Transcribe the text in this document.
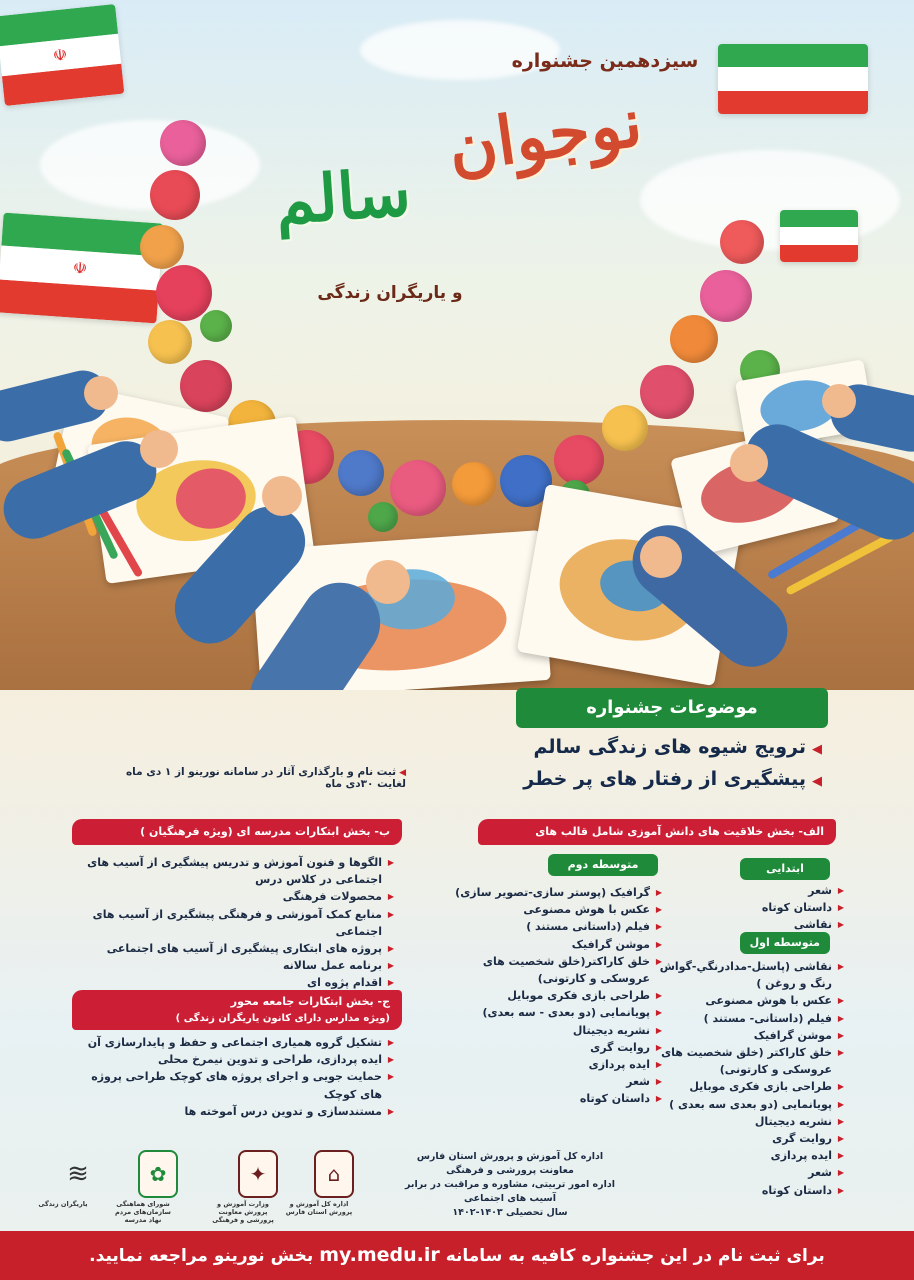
☫
☫
سیزدهمین جشنواره
نوجوان
سالم
و یاریگران زندگی
موضوعات جشنواره
◀ترویج شیوه های زندگی سالم
◀پیشگیری از رفتار های پر خطر
◀ثبت نام و بارگذاری آثار در سامانه نورینو از ۱ دی ماه لغایت ۳۰دی ماه
الف- بخش خلاقیت های دانش آموزی شامل قالب های
ابتدایی
▶ شعر
▶ داستان کوتاه
▶ نقاشی
متوسطه اول
▶ نقاشی (پاستل-مدادرنگي-گواش رنگ و روغن )
▶ عکس با هوش مصنوعی
▶ فیلم (داستانی- مستند )
▶ موشن گرافیک
▶ خلق کاراکتر (خلق شخصیت های عروسکی و کارتونی)
▶ طراحی بازی فکری موبایل
▶ پویانمایی (دو بعدی سه بعدی )
▶ نشریه دیجیتال
▶ روایت گری
▶ ایده پردازی
▶ شعر
▶ داستان کوتاه
متوسطه دوم
▶ گرافیک (پوستر سازی-تصویر سازی)
▶ عکس با هوش مصنوعی
▶ فیلم (داستانی مستند )
▶ موشن گرافیک
▶ خلق کاراکتر(خلق شخصیت های عروسکی و کارتونی)
▶ طراحی بازی فکری موبایل
▶ پویانمایی (دو بعدی - سه بعدی)
▶ نشریه دیجیتال
▶ روایت گری
▶ ایده پردازی
▶ شعر
▶ داستان کوتاه
ب- بخش ابتکارات مدرسه ای (ویژه فرهنگیان )
▶ الگوها و فنون آموزش و تدریس پیشگیری از آسیب های اجتماعی در کلاس درس
▶ محصولات فرهنگی
▶ منابع کمک آموزشی و فرهنگی پیشگیری از آسیب های اجتماعی
▶ پروژه های ابتکاری پیشگیری از آسیب های اجتماعی
▶ برنامه عمل سالانه
▶ اقدام پژوه ای
ج- بخش ابتکارات جامعه محور
(ویژه مدارس دارای کانون یاریگران زندگی )
▶ تشکیل گروه همیاری اجتماعی و حفظ و پایدارسازی آن
▶ ایده پردازی، طراحی و تدوین نیمرخ محلی
▶ حمایت جویی و اجرای پروژه های کوچک طراحی پروژه های کوچک
▶ مستندسازی و تدوین درس آموخته ها
اداره کل آموزش و پرورش استان فارس
معاونت پرورشی و فرهنگی
اداره امور تربیتی، مشاوره و مراقبت در برابر آسیب های اجتماعی
سال تحصیلی ۱۴۰۳-۱۴۰۲
≋
یاریگران زندگی
✿
شورای هماهنگی سازمان‌های مردم نهاد مدرسه
✦
وزارت آموزش و پرورش معاونت پرورشی و فرهنگی
⌂
اداره کل آموزش و پرورش استان فارس
برای ثبت نام در این جشنواره کافیه به سامانه my.medu.ir بخش نورینو مراجعه نمایید.
